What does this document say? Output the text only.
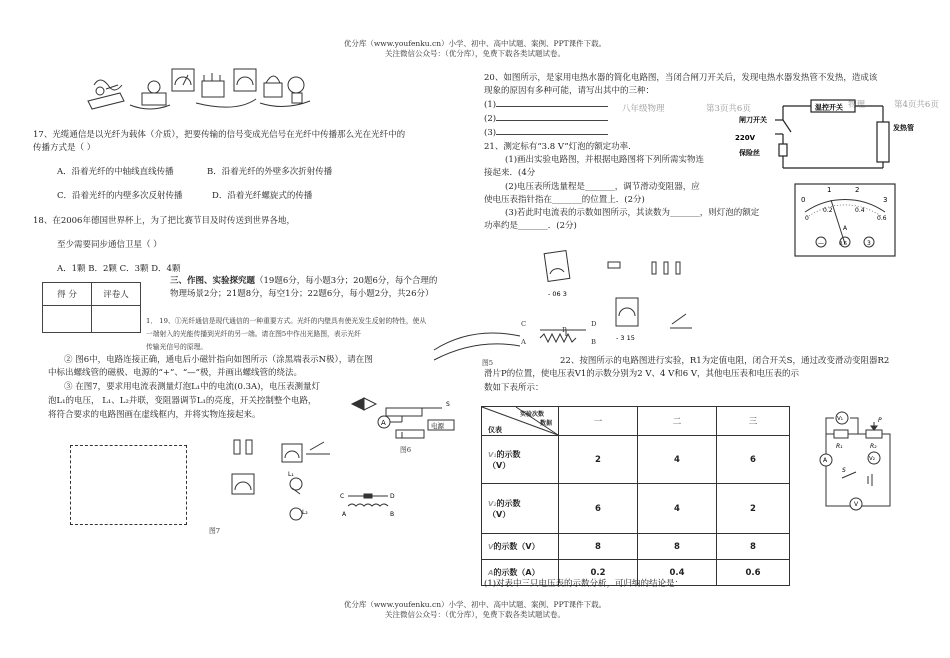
优分库（www.youfenku.cn）小学、初中、高中试题、案例、PPT课件下载。
关注微信公众号：（优分库），免费下载各类试题试卷。
优分库（www.youfenku.cn）小学、初中、高中试题、案例、PPT课件下载。
关注微信公众号：（优分库），免费下载各类试题试卷。
17、光缆通信是以光纤为载体（介质），把要传输的信号变成光信号在光纤中传播那么光在光纤中的
传播方式是（ ）
A．沿着光纤的中轴线直线传播	B．沿着光纤的外壁多次折射传播
C．沿着光纤的内壁多次反射传播	D．沿着光纤螺旋式的传播
18、在2006年德国世界杯上，为了把比赛节目及时传送到世界各地，
至少需要同步通信卫星（ ）
A．1颗 B．2颗 C．3颗 D．4颗
得 分	评卷人

三、作图、实验探究题（19题6分，每小题3分；20题6分，每个合理的
物理场景2分；21题8分，每空1分；22题6分，每小题2分，共26分）
1． 19、①光纤通信是现代通信的一种重要方式。光纤的内壁具有使光发生反射的特性，使从
一端射入的光能传播到光纤的另一端。请在图5中作出光路图，表示光纤
传输光信号的原理。
② 图6中，电路连接正确，通电后小磁针指向如图所示（涂黑端表示N极），请在图
中标出螺线管的磁极、电源的“+”、“—”极，并画出螺线管的绕法。
③ 在图7，要求用电流表测量灯泡L₁中的电流(0.3A)，电压表测量灯
泡L₁的电压， L₁、L₂并联，变阻器调节L₁的亮度，开关控制整个电路，
将符合要求的电路图画在虚线框内，并将实物连接起来。
图5
A
S
电源
图6
图7
L₁
L₂
C	D
A	B
20、如图所示，是家用电热水器的简化电路图，当闭合闸刀开关后，发现电热水器发热管不发热，造成该
现象的原因有多种可能，请写出其中的三种：
(1)
(2)
(3)
八年级物理	第3页共6页	物理	第4页共6页
温控开关
闸刀开关
220V
保险丝
发热管
21、测定标有“3.8 V”灯泡的额定功率.
(1)画出实验电路图，并根据电路图将下列所需实物连
接起来．(4分
(2)电压表所选量程是_______，调节滑动变阻器，应
使电压表指针指在_______的位置上．(2分)
(3)若此时电流表的示数如图所示，其读数为_______，则灯泡的额定
功率约是_______．(2分)
0
1	2
3
0
0.2	0.4
0.6
A
—	0.6	3
- 06 3
- 3 15
C	D
P
A	B
22、按图所示的电路图进行实验，R1为定值电阻，闭合开关S，通过改变滑动变阻器R2
滑片P的位置，使电压表V1的示数分别为2 V、4 V和6 V，其他电压表和电压表的示
数如下表所示：
实验次数
数据
仪表	一	二	三
V₁的示数
（V）	2	4	6
V₂的示数
（V）	6	4	2
V的示数（V）	8	8	8
A的示数（A）	0.2	0.4	0.6
R₁	R₂
P
V₁
V₂
A
V
S
(1)对表中三只电压表的示数分析，可归纳的结论是：
